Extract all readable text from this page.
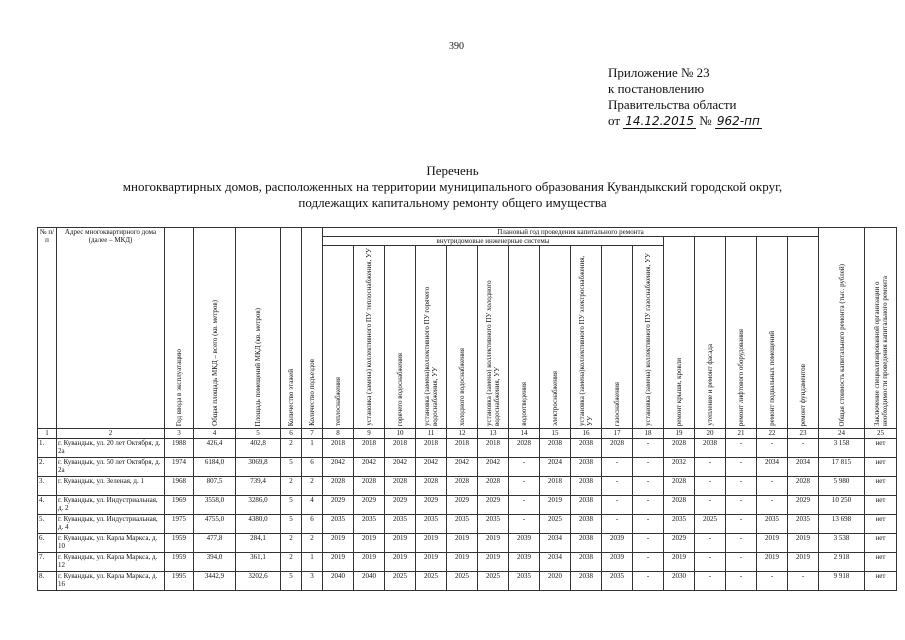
390
Приложение № 23
к постановлению
Правительства области
от 14.12.2015 № 962-пп
Перечень
многоквартирных домов, расположенных на территории муниципального образования Кувандыкский городской округ,
подлежащих капитальному ремонту общего имущества
№ п/п	Адрес многоквартирного дома (далее – МКД)	Год ввода в эксплуатацию	Общая площадь МКД – всего (кв. метров)	Площадь помещений МКД (кв. метров)	Количество этажей	Количество подъездов	Плановый год проведения капитального ремонта																Общая стоимость капитального ремонта (тыс. рублей)	Заключение специализированной организации о необходимости проведения капитального ремонта

							внутридомовые инженерные системы											ремонт крыши, кровли	утепление и ремонт фасада	ремонт лифтового оборудования	ремонт подвальных помещений	ремонт фундаментов		

							теплоснабжения	установка (замена) коллективного ПУ теплоснабжения, УУ	горячего водоснабжения	установка (замена)коллективного ПУ горячего водоснабжения, УУ	холодного водоснабжения	установка (замена) коллективного ПУ холодного водоснабжения, УУ	водоотведения	электроснабжения	установка (замена)коллективного ПУ электроснабжения, УУ	газоснабжения	установка (замена) коллективного ПУ газоснабжения, УУ							

1	2	3	4	5	6	7	8	9	10	11	12	13	14	15	16	17	18	19	20	21	22	23	24	25
1.	г. Кувандык, ул. 20 лет Октября, д. 2а	1988	426,4	402,8	2	1	2018	2018	2018	2018	2018	2018	2028	2038	2038	2028	-	2028	2038	-	-	-	3 158	нет
2.	г. Кувандык, ул. 50 лет Октября, д. 2а	1974	6184,0	3069,8	5	6	2042	2042	2042	2042	2042	2042	-	2024	2038	-	-	2032	-	-	2034	2034	17 815	нет
3.	г. Кувандык, ул. Зеленая, д. 1	1968	807,5	739,4	2	2	2028	2028	2028	2028	2028	2028	-	2018	2038	-	-	2028	-	-	-	2028	5 980	нет
4.	г. Кувандык, ул. Индустриальная, д. 2	1969	3558,0	3286,0	5	4	2029	2029	2029	2029	2029	2029	-	2019	2038	-	-	2028	-	-	-	2029	10 250	нет
5.	г. Кувандык, ул. Индустриальная, д. 4	1975	4755,0	4380,0	5	6	2035	2035	2035	2035	2035	2035	-	2025	2038	-	-	2035	2025	-	2035	2035	13 698	нет
6.	г. Кувандык, ул. Карла Маркса, д. 10	1959	477,8	284,1	2	2	2019	2019	2019	2019	2019	2019	2039	2034	2038	2039	-	2029	-	-	2019	2019	3 538	нет
7.	г. Кувандык, ул. Карла Маркса, д. 12	1959	394,0	361,1	2	1	2019	2019	2019	2019	2019	2019	2039	2034	2038	2039	-	2019	-	-	2019	2019	2 918	нет
8.	г. Кувандык, ул. Карла Маркса, д. 16	1995	3442,9	3202,6	5	3	2040	2040	2025	2025	2025	2025	2035	2020	2038	2035	-	2030	-	-	-	-	9 918	нет
